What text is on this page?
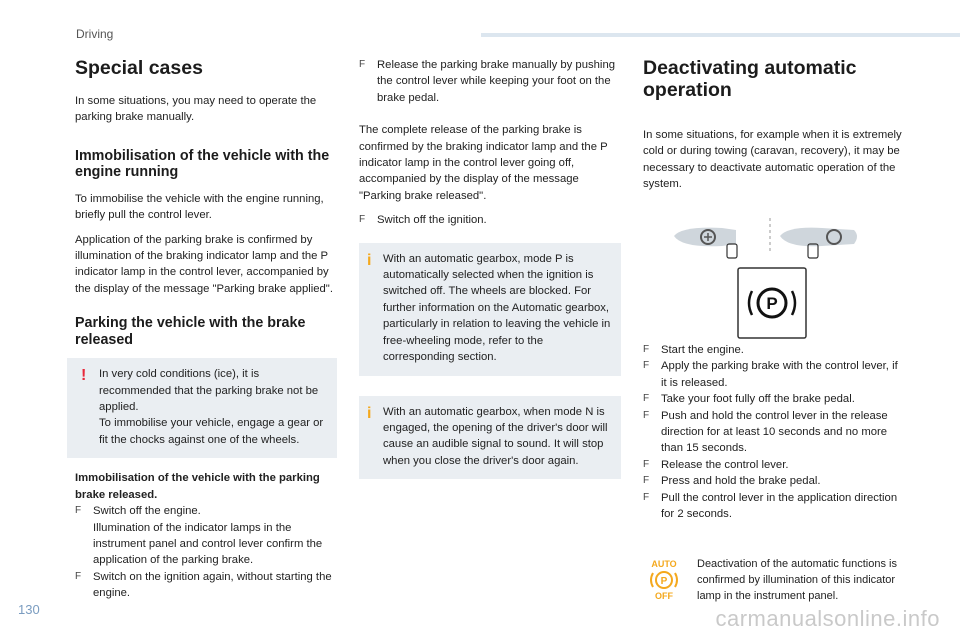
Driving
Special cases

In some situations, you may need to operate the parking brake manually.

Immobilisation of the vehicle with the engine running

To immobilise the vehicle with the engine running, briefly pull the control lever.

Application of the parking brake is confirmed by illumination of the braking indicator lamp and the P indicator lamp in the control lever, accompanied by the display of the message "Parking brake applied".

Parking the vehicle with the brake released
! In very cold conditions (ice), it is recommended that the parking brake not be applied.
To immobilise your vehicle, engage a gear or fit the chocks against one of the wheels.

Immobilisation of the vehicle with the parking brake released.

F Switch off the engine.
Illumination of the indicator lamps in the instrument panel and control lever confirm the application of the parking brake.
F Switch on the ignition again, without starting the engine.
F Release the parking brake manually by pushing the control lever while keeping your foot on the brake pedal.

The complete release of the parking brake is confirmed by the braking indicator lamp and the P indicator lamp in the control lever going off, accompanied by the display of the message "Parking brake released".

F Switch off the ignition.
i With an automatic gearbox, mode P is automatically selected when the ignition is switched off. The wheels are blocked. For further information on the Automatic gearbox, particularly in relation to leaving the vehicle in free-wheeling mode, refer to the corresponding section.
i With an automatic gearbox, when mode N is engaged, the opening of the driver's door will cause an audible signal to sound. It will stop when you close the driver's door again.
Deactivating automatic operation

In some situations, for example when it is extremely cold or during towing (caravan, recovery), it may be necessary to deactivate automatic operation of the system.

P
F Start the engine.
F Apply the parking brake with the control lever, if it is released.
F Take your foot fully off the brake pedal.
F Push and hold the control lever in the release direction for at least 10 seconds and no more than 15 seconds.
F Release the control lever.
F Press and hold the brake pedal.
F Pull the control lever in the application direction for 2 seconds.
AUTO
P
OFF
Deactivation of the automatic functions is confirmed by illumination of this indicator lamp in the instrument panel.
130	carmanualsonline.info
